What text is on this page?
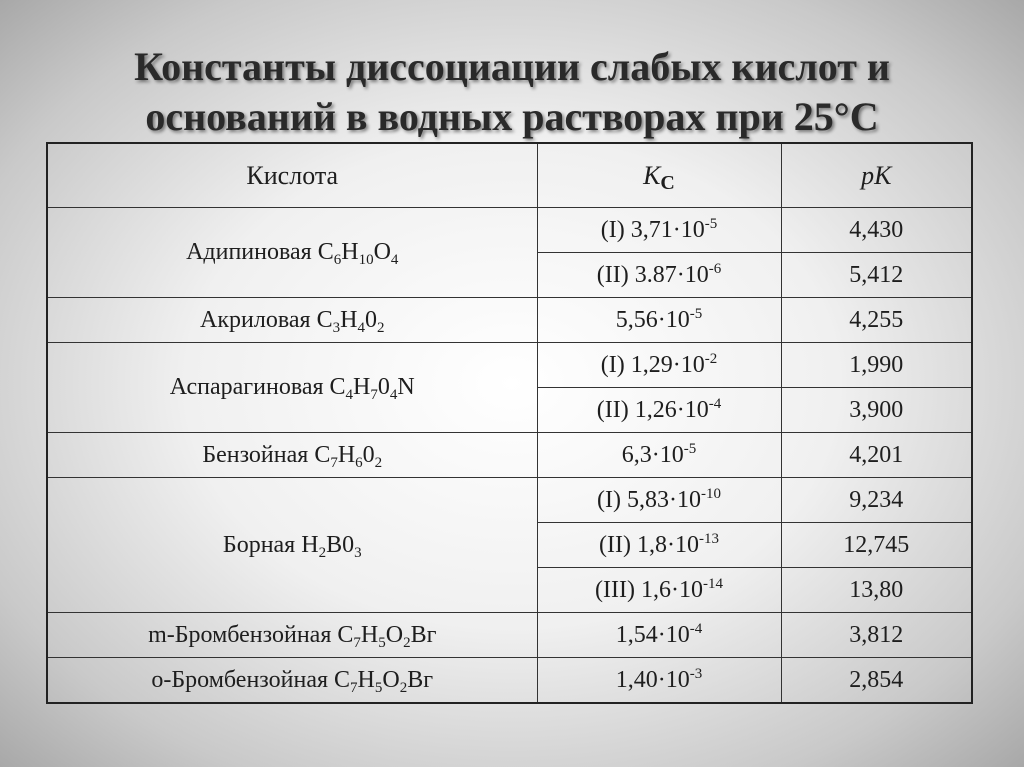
Константы диссоциации слабых кислот и
оснований в водных растворах при 25°С
Кислота	$К_С$	pK
Адипиновая $C_6H_{10}O_4$	(I) $3,71\cdot 10^{-5}$	4,430
	(II) $3.87\cdot 10^{-6}$	5,412
Акриловая $C_3H_40_2$	$5,56\cdot 10^{-5}$	4,255
Аспарагиновая $C_4H_70_4N$	(I) $1,29\cdot 10^{-2}$	1,990
	(II) $1,26\cdot 10^{-4}$	3,900
Бензойная $C_7H_60_2$	$6,3\cdot 10^{-5}$	4,201
Борная $H_2B0_3$	(I) $5,83\cdot 10^{-10}$	9,234
	(II) $1,8\cdot 10^{-13}$	12,745
	(III) $1,6\cdot 10^{-14}$	13,80
m-Бромбензойная $C_7H_5O_2Вг$	$1,54\cdot 10^{-4}$	3,812
o-Бромбензойная $C_7H_5O_2Вг$	$1,40\cdot 10^{-3}$	2,854
